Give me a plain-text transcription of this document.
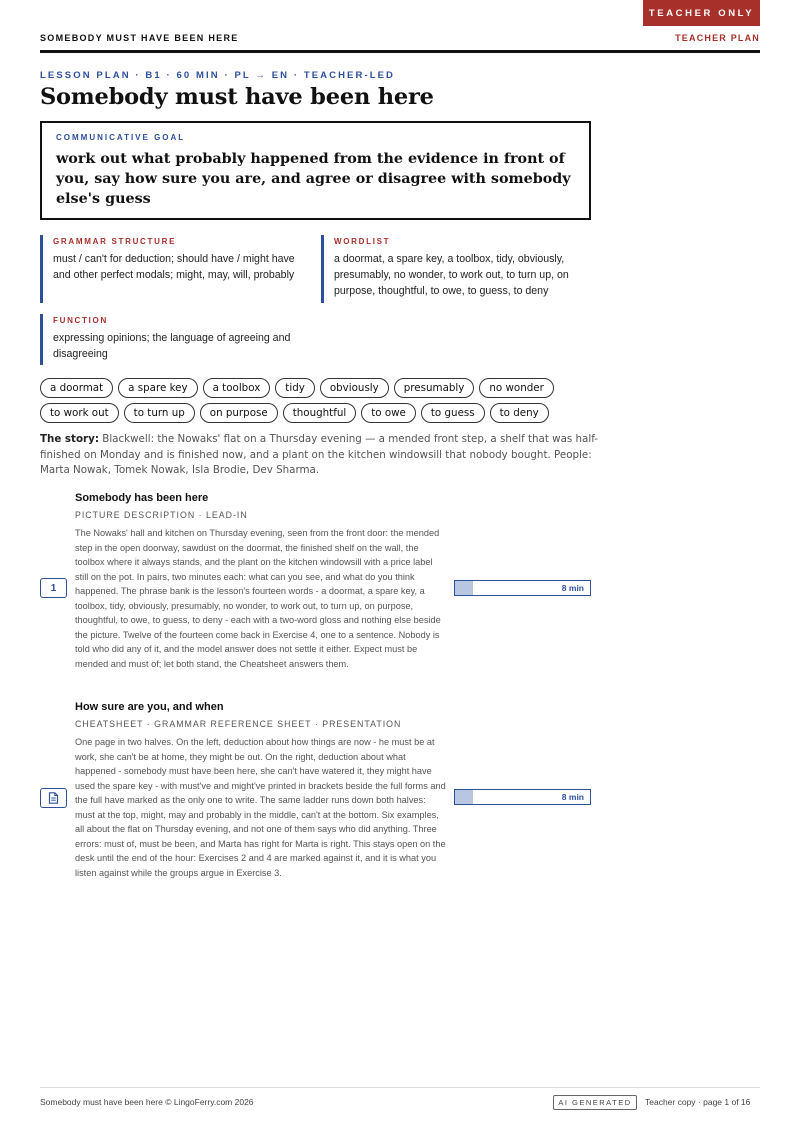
TEACHER ONLY
SOMEBODY MUST HAVE BEEN HERE	TEACHER PLAN
LESSON PLAN · B1 · 60 MIN · PL → EN · TEACHER-LED
Somebody must have been here
COMMUNICATIVE GOAL
work out what probably happened from the evidence in front of you, say how sure you are, and agree or disagree with somebody else's guess
GRAMMAR STRUCTURE
must / can't for deduction; should have / might have and other perfect modals; might, may, will, probably
WORDLIST
a doormat, a spare key, a toolbox, tidy, obviously, presumably, no wonder, to work out, to turn up, on purpose, thoughtful, to owe, to guess, to deny
FUNCTION
expressing opinions; the language of agreeing and disagreeing
a doormat	a spare key	a toolbox	tidy	obviously	presumably	no wonder
to work out	to turn up	on purpose	thoughtful	to owe	to guess	to deny

The story: Blackwell: the Nowaks' flat on a Thursday evening — a mended front step, a shelf that was half-finished on Monday and is finished now, and a plant on the kitchen windowsill that nobody bought. People: Marta Nowak, Tomek Nowak, Isla Brodie, Dev Sharma.

Somebody has been here
PICTURE DESCRIPTION · LEAD-IN
The Nowaks' hall and kitchen on Thursday evening, seen from the front door: the mended step in the open doorway, sawdust on the doormat, the finished shelf on the wall, the toolbox where it always stands, and the plant on the kitchen windowsill with a price label still on the pot. In pairs, two minutes each: what can you see, and what do you think happened. The phrase bank is the lesson's fourteen words - a doormat, a spare key, a toolbox, tidy, obviously, presumably, no wonder, to work out, to turn up, on purpose, thoughtful, to owe, to guess, to deny - each with a two-word gloss and nothing else beside the picture. Twelve of the fourteen come back in Exercise 4, one to a sentence. Nobody is told who did any of it, and the model answer does not settle it either. Expect must be mended and must of; let both stand, the Cheatsheet answers them.
1	8 min
How sure are you, and when
CHEATSHEET · GRAMMAR REFERENCE SHEET · PRESENTATION
One page in two halves. On the left, deduction about how things are now - he must be at work, she can't be at home, they might be out. On the right, deduction about what happened - somebody must have been here, she can't have watered it, they might have used the spare key - with must've and might've printed in brackets beside the full forms and the full have marked as the only one to write. The same ladder runs down both halves: must at the top, might, may and probably in the middle, can't at the bottom. Six examples, all about the flat on Thursday evening, and not one of them says who did anything. Three errors: must of, must be been, and Marta has right for Marta is right. This stays open on the desk until the end of the hour: Exercises 2 and 4 are marked against it, and it is what you listen against while the groups argue in Exercise 3.
8 min
Somebody must have been here © LingoFerry.com 2026	AI GENERATED	Teacher copy · page 1 of 16
